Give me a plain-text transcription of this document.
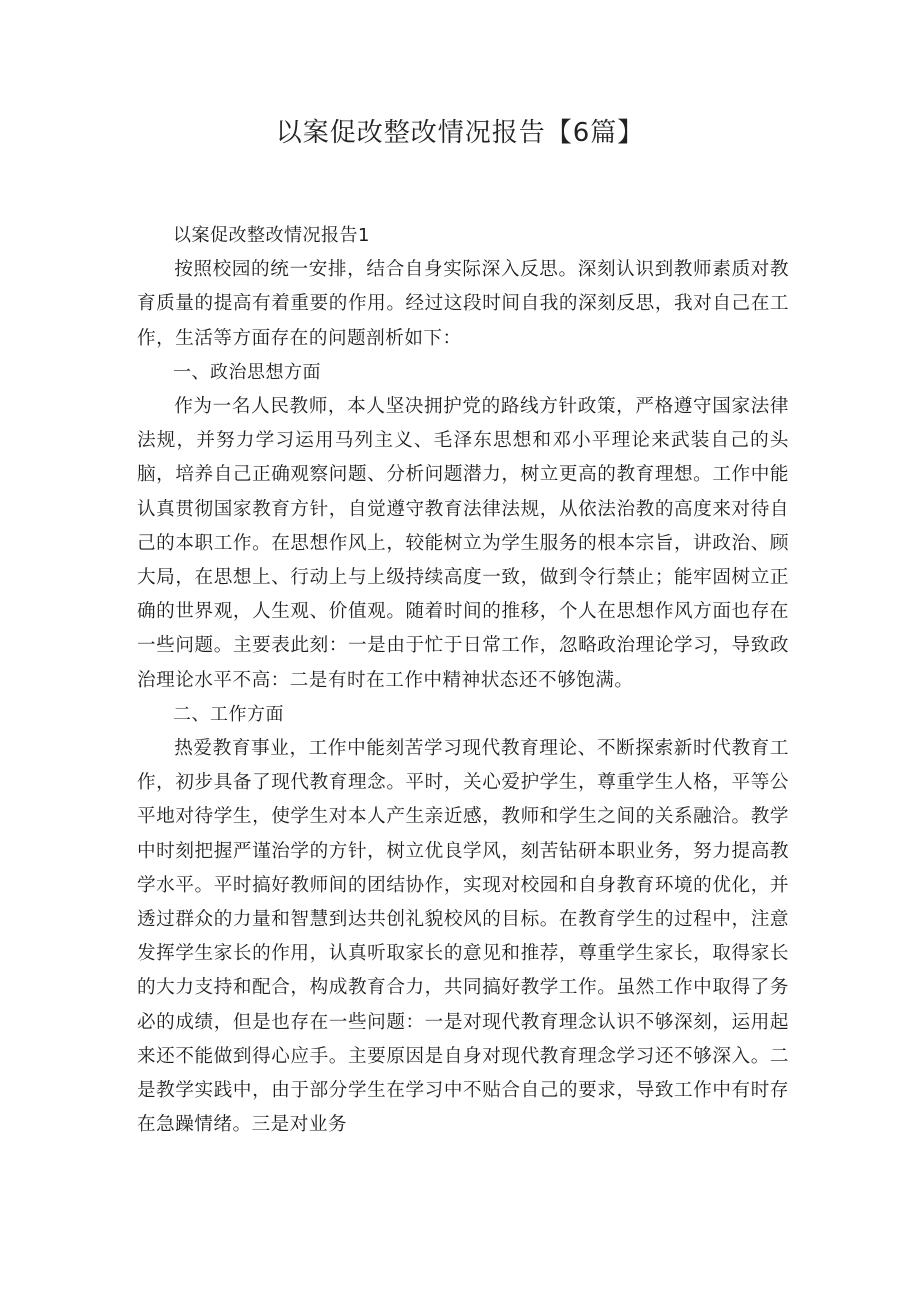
以案促改整改情况报告【6篇】

以案促改整改情况报告1

按照校园的统一安排，结合自身实际深入反思。深刻认识到教师素质对教育质量的提高有着重要的作用。经过这段时间自我的深刻反思，我对自己在工作，生活等方面存在的问题剖析如下：

一、政治思想方面

作为一名人民教师，本人坚决拥护党的路线方针政策，严格遵守国家法律法规，并努力学习运用马列主义、毛泽东思想和邓小平理论来武装自己的头脑，培养自己正确观察问题、分析问题潜力，树立更高的教育理想。工作中能认真贯彻国家教育方针，自觉遵守教育法律法规，从依法治教的高度来对待自己的本职工作。在思想作风上，较能树立为学生服务的根本宗旨，讲政治、顾大局，在思想上、行动上与上级持续高度一致，做到令行禁止；能牢固树立正确的世界观，人生观、价值观。随着时间的推移，个人在思想作风方面也存在一些问题。主要表此刻：一是由于忙于日常工作，忽略政治理论学习，导致政治理论水平不高：二是有时在工作中精神状态还不够饱满。

二、工作方面

热爱教育事业，工作中能刻苦学习现代教育理论、不断探索新时代教育工作，初步具备了现代教育理念。平时，关心爱护学生，尊重学生人格，平等公平地对待学生，使学生对本人产生亲近感，教师和学生之间的关系融洽。教学中时刻把握严谨治学的方针，树立优良学风，刻苦钻研本职业务，努力提高教学水平。平时搞好教师间的团结协作，实现对校园和自身教育环境的优化，并透过群众的力量和智慧到达共创礼貌校风的目标。在教育学生的过程中，注意发挥学生家长的作用，认真听取家长的意见和推荐，尊重学生家长，取得家长的大力支持和配合，构成教育合力，共同搞好教学工作。虽然工作中取得了务必的成绩，但是也存在一些问题：一是对现代教育理念认识不够深刻，运用起来还不能做到得心应手。主要原因是自身对现代教育理念学习还不够深入。二是教学实践中，由于部分学生在学习中不贴合自己的要求，导致工作中有时存在急躁情绪。三是对业务
